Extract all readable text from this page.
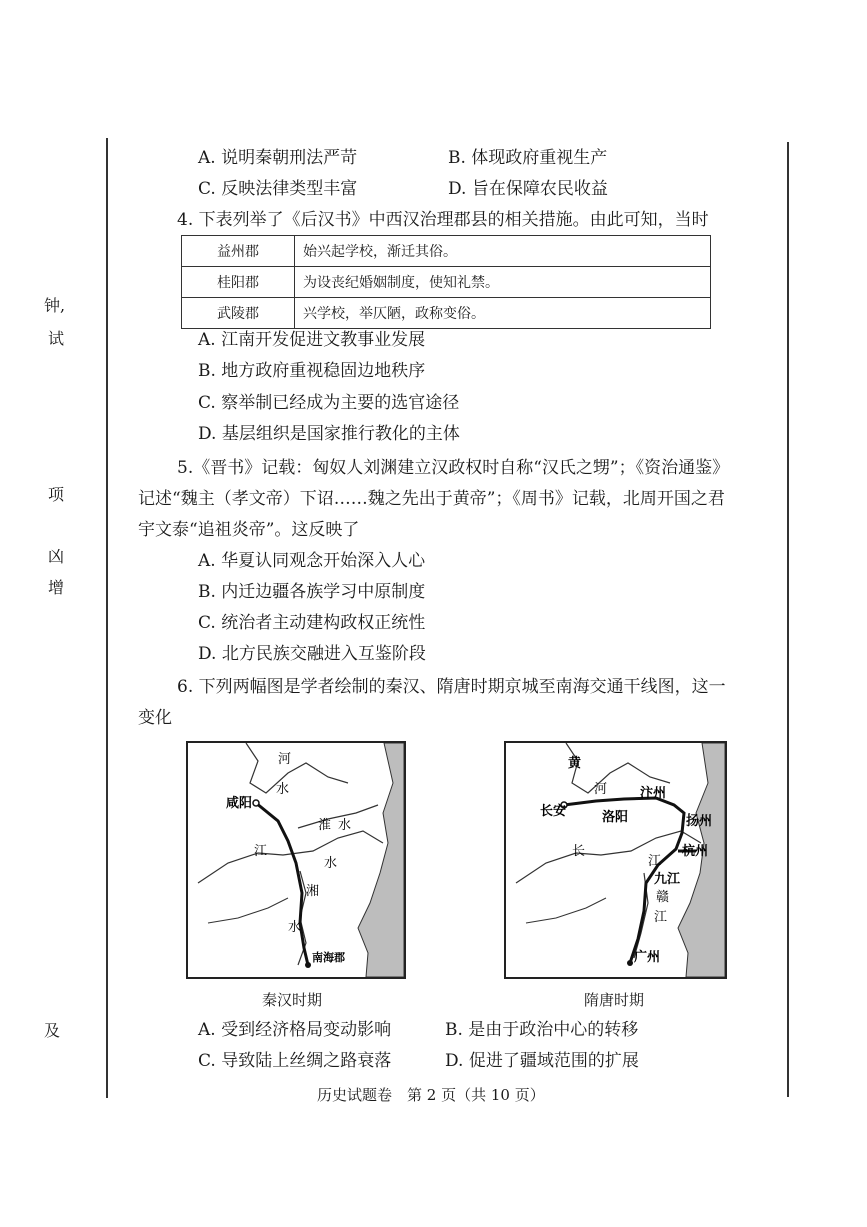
钟,
试
项
凶
增
及
A. 说明秦朝刑法严苛	B. 体现政府重视生产
C. 反映法律类型丰富	D. 旨在保障农民收益
4. 下表列举了《后汉书》中西汉治理郡县的相关措施。由此可知，当时
益州郡	始兴起学校，渐迁其俗。
桂阳郡	为设丧纪婚姻制度，使知礼禁。
武陵郡	兴学校，举仄陋，政称变俗。
A. 江南开发促进文教事业发展
B. 地方政府重视稳固边地秩序
C. 察举制已经成为主要的选官途径
D. 基层组织是国家推行教化的主体
5.《晋书》记载：匈奴人刘渊建立汉政权时自称“汉氏之甥”；《资治通鉴》
记述“魏主（孝文帝）下诏……魏之先出于黄帝”；《周书》记载，北周开国之君
宇文泰“追祖炎帝”。这反映了
A. 华夏认同观念开始深入人心
B. 内迁边疆各族学习中原制度
C. 统治者主动建构政权正统性
D. 北方民族交融进入互鉴阶段
6. 下列两幅图是学者绘制的秦汉、隋唐时期京城至南海交通干线图，这一
变化
河
水
咸阳
淮 水
江
水
湘
水
南海郡
秦汉时期
黄
河
长安	洛阳
汴州
扬州
杭州
长
江
九江
赣
江
广州
隋唐时期
A. 受到经济格局变动影响	B. 是由于政治中心的转移
C. 导致陆上丝绸之路衰落	D. 促进了疆域范围的扩展
历史试题卷　第 2 页（共 10 页）
